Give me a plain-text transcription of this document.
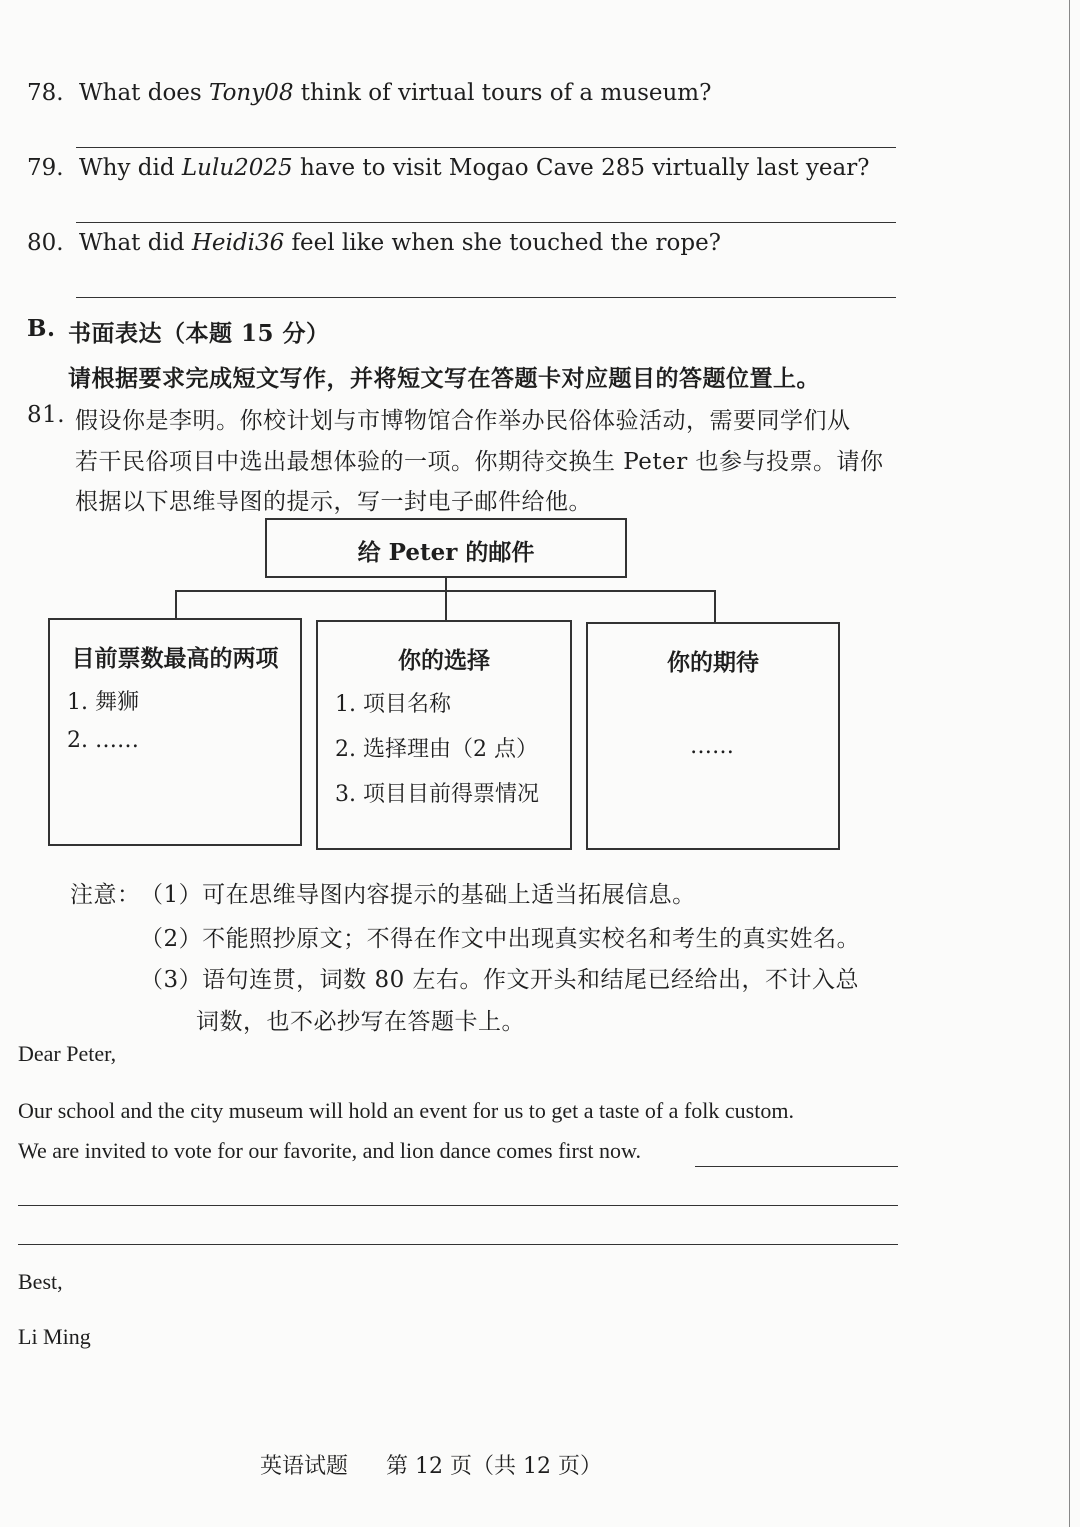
78. What does Tony08 think of virtual tours of a museum?
79. Why did Lulu2025 have to visit Mogao Cave 285 virtually last year?
80. What did Heidi36 feel like when she touched the rope?
B. 书面表达（本题 15 分）
请根据要求完成短文写作，并将短文写在答题卡对应题目的答题位置上。
81. 假设你是李明。你校计划与市博物馆合作举办民俗体验活动，需要同学们从
若干民俗项目中选出最想体验的一项。你期待交换生 Peter 也参与投票。请你
根据以下思维导图的提示，写一封电子邮件给他。
给 Peter 的邮件
目前票数最高的两项
1. 舞狮
2. ……
你的选择
1. 项目名称
2. 选择理由（2 点）
3. 项目目前得票情况
你的期待
……
注意： （1）可在思维导图内容提示的基础上适当拓展信息。
（2）不能照抄原文；不得在作文中出现真实校名和考生的真实姓名。
（3）语句连贯，词数 80 左右。作文开头和结尾已经给出，不计入总
词数，也不必抄写在答题卡上。
Dear Peter,
Our school and the city museum will hold an event for us to get a taste of a folk custom.
We are invited to vote for our favorite, and lion dance comes first now.
Best,
Li Ming
英语试题 第 12 页（共 12 页）
